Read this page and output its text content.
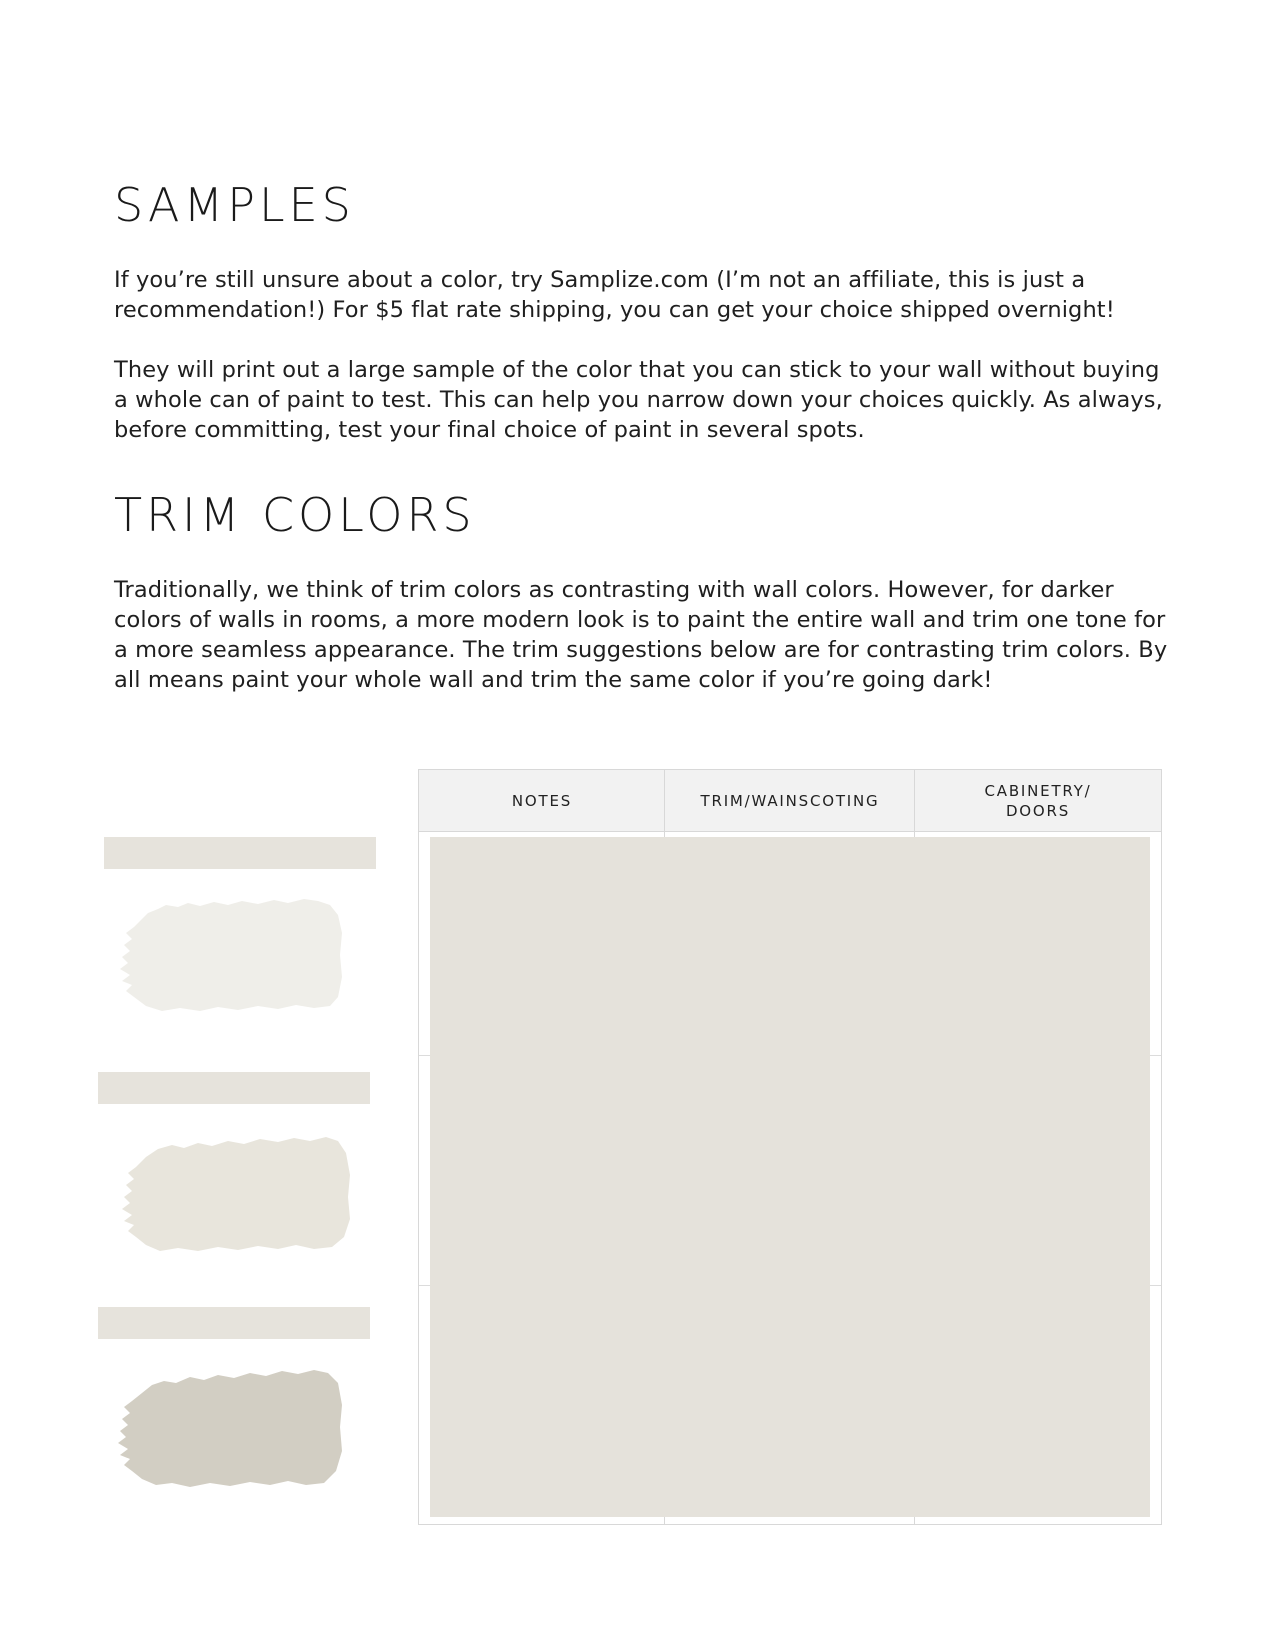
SAMPLES

If you’re still unsure about a color, try Samplize.com (I’m not an affiliate, this is just a recommendation!) For $5 flat rate shipping, you can get your choice shipped overnight!

They will print out a large sample of the color that you can stick to your wall without buying a whole can of paint to test. This can help you narrow down your choices quickly. As always, before committing, test your final choice of paint in several spots.

TRIM COLORS

Traditionally, we think of trim colors as contrasting with wall colors. However, for darker colors of walls in rooms, a more modern look is to paint the entire wall and trim one tone for a more seamless appearance. The trim suggestions below are for contrasting trim colors. By all means paint your whole wall and trim the same color if you’re going dark!

NOTES	TRIM/WAINSCOTING
CABINETRY/ DOORS
